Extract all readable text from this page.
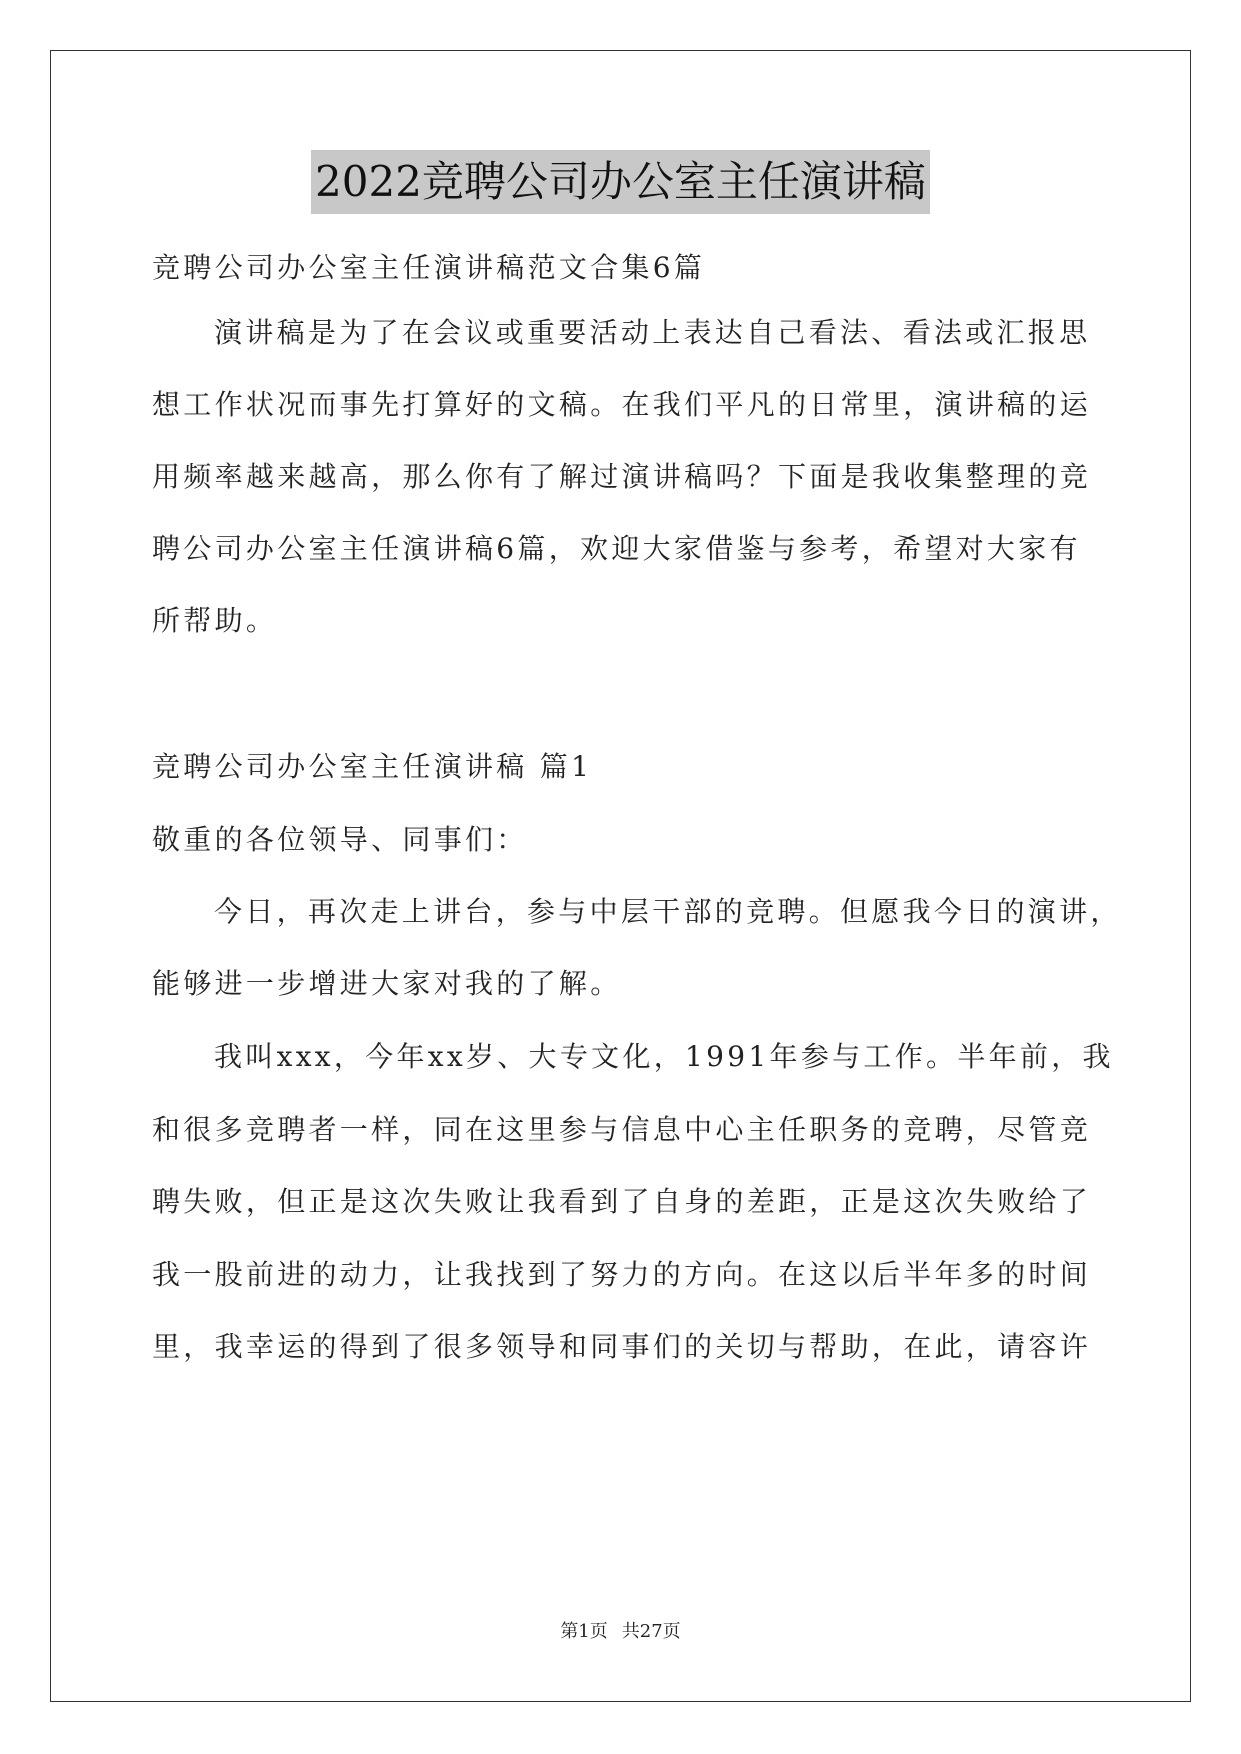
2022竞聘公司办公室主任演讲稿
竞聘公司办公室主任演讲稿范文合集6篇
演讲稿是为了在会议或重要活动上表达自己看法、看法或汇报思
想工作状况而事先打算好的文稿。在我们平凡的日常里，演讲稿的运
用频率越来越高，那么你有了解过演讲稿吗？下面是我收集整理的竞
聘公司办公室主任演讲稿6篇，欢迎大家借鉴与参考，希望对大家有
所帮助。
竞聘公司办公室主任演讲稿 篇1
敬重的各位领导、同事们：
今日，再次走上讲台，参与中层干部的竞聘。但愿我今日的演讲，
能够进一步增进大家对我的了解。
我叫xxx，今年xx岁、大专文化，1991年参与工作。半年前，我
和很多竞聘者一样，同在这里参与信息中心主任职务的竞聘，尽管竞
聘失败，但正是这次失败让我看到了自身的差距，正是这次失败给了
我一股前进的动力，让我找到了努力的方向。在这以后半年多的时间
里，我幸运的得到了很多领导和同事们的关切与帮助，在此，请容许
第1页 共27页
